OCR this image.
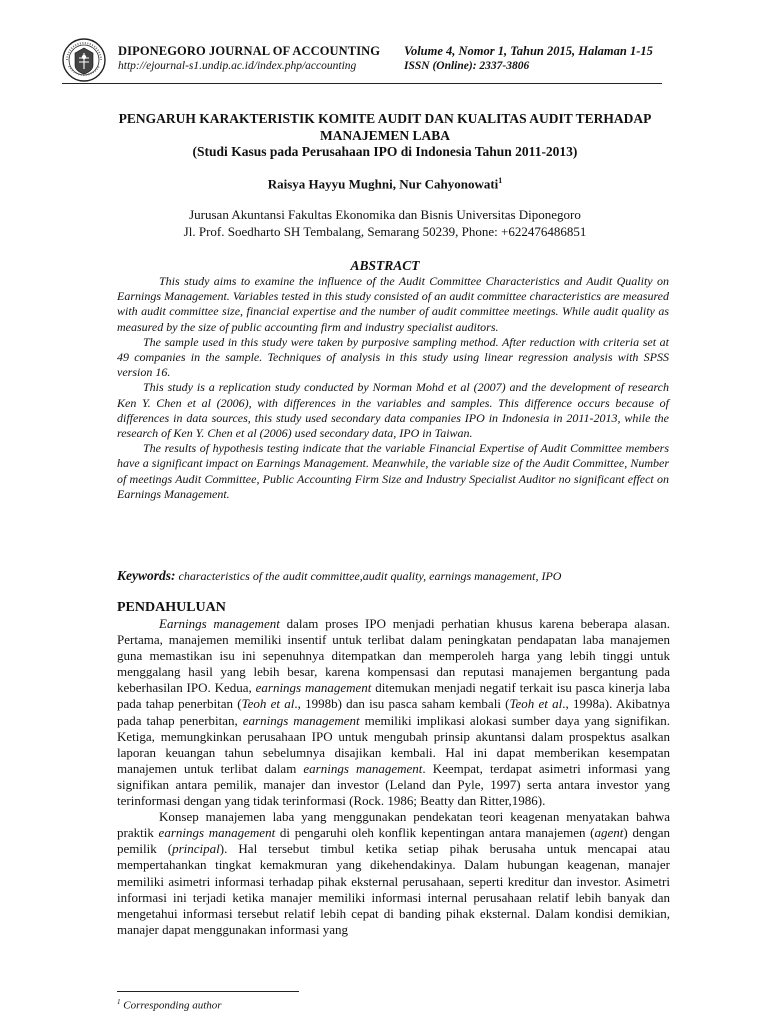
DIPONEGORO JOURNAL OF ACCOUNTING
http://ejournal-s1.undip.ac.id/index.php/accounting
Volume 4, Nomor 1, Tahun 2015, Halaman 1-15
ISSN (Online): 2337-3806
PENGARUH KARAKTERISTIK KOMITE AUDIT DAN KUALITAS AUDIT TERHADAP MANAJEMEN LABA
(Studi Kasus pada Perusahaan IPO di Indonesia Tahun 2011-2013)
Raisya Hayyu Mughni, Nur Cahyonowati$^1$
Jurusan Akuntansi Fakultas Ekonomika dan Bisnis Universitas Diponegoro
Jl. Prof. Soedharto SH Tembalang, Semarang 50239, Phone: +622476486851
ABSTRACT

This study aims to examine the influence of the Audit Committee Characteristics and Audit Quality on Earnings Management. Variables tested in this study consisted of an audit committee characteristics are measured with audit committee size, financial expertise and the number of audit committee meetings. While audit quality as measured by the size of public accounting firm and industry specialist auditors.

The sample used in this study were taken by purposive sampling method. After reduction with criteria set at 49 companies in the sample. Techniques of analysis in this study using linear regression analysis with SPSS version 16.

This study is a replication study conducted by Norman Mohd et al (2007) and the development of research Ken Y. Chen et al (2006), with differences in the variables and samples. This difference occurs because of differences in data sources, this study used secondary data companies IPO in Indonesia in 2011-2013, while the research of Ken Y. Chen et al (2006) used secondary data, IPO in Taiwan.

The results of hypothesis testing indicate that the variable Financial Expertise of Audit Committee members have a significant impact on Earnings Management. Meanwhile, the variable size of the Audit Committee, Number of meetings Audit Committee, Public Accounting Firm Size and Industry Specialist Auditor no significant effect on Earnings Management.

Keywords: characteristics of the audit committee,audit quality, earnings management, IPO
PENDAHULUAN

Earnings management dalam proses IPO menjadi perhatian khusus karena beberapa alasan. Pertama, manajemen memiliki insentif untuk terlibat dalam peningkatan pendapatan laba manajemen guna memastikan isu ini sepenuhnya ditempatkan dan memperoleh harga yang lebih tinggi untuk menggalang hasil yang lebih besar, karena kompensasi dan reputasi manajemen bergantung pada keberhasilan IPO. Kedua, earnings management ditemukan menjadi negatif terkait isu pasca kinerja laba pada tahap penerbitan (Teoh et al., 1998b) dan isu pasca saham kembali (Teoh et al., 1998a). Akibatnya pada tahap penerbitan, earnings management memiliki implikasi alokasi sumber daya yang signifikan. Ketiga, memungkinkan perusahaan IPO untuk mengubah prinsip akuntansi dalam prospektus asalkan laporan keuangan tahun sebelumnya disajikan kembali. Hal ini dapat memberikan kesempatan manajemen untuk terlibat dalam earnings management. Keempat, terdapat asimetri informasi yang signifikan antara pemilik, manajer dan investor (Leland dan Pyle, 1997) serta antara investor yang terinformasi dengan yang tidak terinformasi (Rock. 1986; Beatty dan Ritter,1986).

Konsep manajemen laba yang menggunakan pendekatan teori keagenan menyatakan bahwa praktik earnings management di pengaruhi oleh konflik kepentingan antara manajemen (agent) dengan pemilik (principal). Hal tersebut timbul ketika setiap pihak berusaha untuk mencapai atau mempertahankan tingkat kemakmuran yang dikehendakinya. Dalam hubungan keagenan, manajer memiliki asimetri informasi terhadap pihak eksternal perusahaan, seperti kreditur dan investor. Asimetri informasi ini terjadi ketika manajer memiliki informasi internal perusahaan relatif lebih banyak dan mengetahui informasi tersebut relatif lebih cepat di banding pihak eksternal. Dalam kondisi demikian, manajer dapat menggunakan informasi yang

$^1$ Corresponding author
